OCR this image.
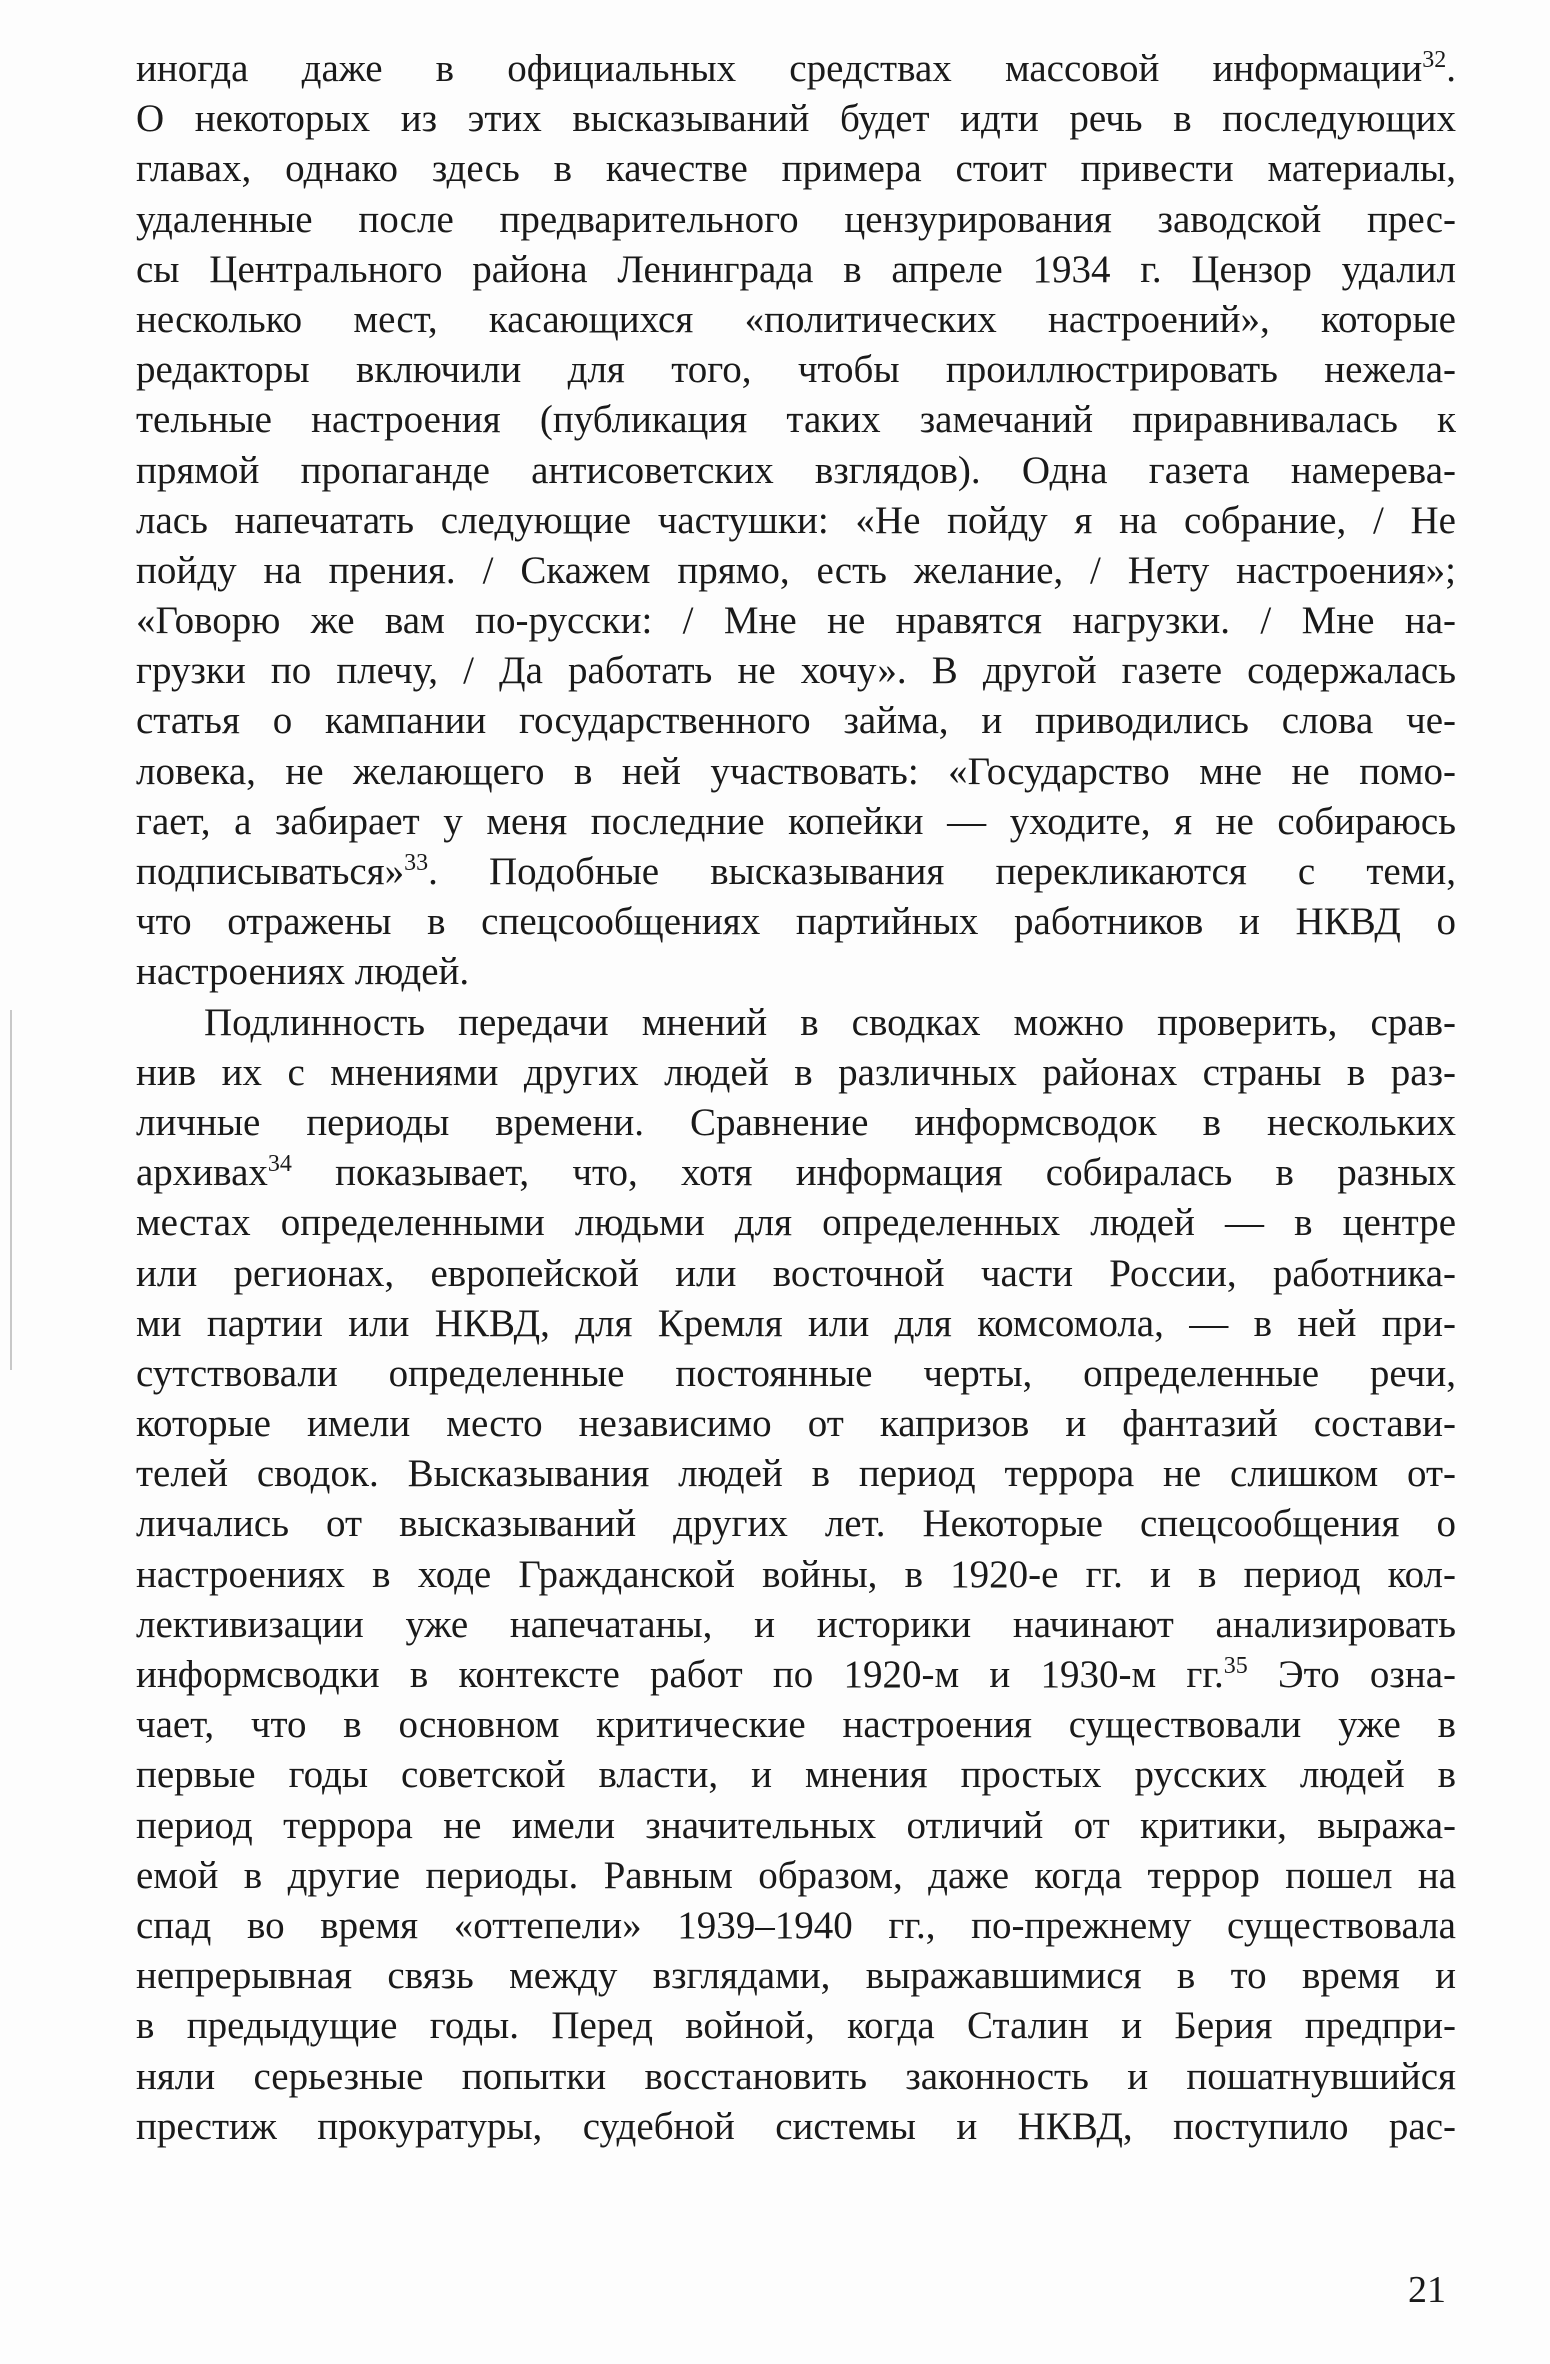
иногда даже в официальных средствах массовой информации$^{32}$.
О некоторых из этих высказываний будет идти речь в последующих
главах, однако здесь в качестве примера стоит привести материалы,
удаленные после предварительного цензурирования заводской прес-
сы Центрального района Ленинграда в апреле 1934 г. Цензор удалил
несколько мест, касающихся «политических настроений», которые
редакторы включили для того, чтобы проиллюстрировать нежела-
тельные настроения (публикация таких замечаний приравнивалась к
прямой пропаганде антисоветских взглядов). Одна газета намерева-
лась напечатать следующие частушки: «Не пойду я на собрание, / Не
пойду на прения. / Скажем прямо, есть желание, / Нету настроения»;
«Говорю же вам по-русски: / Мне не нравятся нагрузки. / Мне на-
грузки по плечу, / Да работать не хочу». В другой газете содержалась
статья о кампании государственного займа, и приводились слова че-
ловека, не желающего в ней участвовать: «Государство мне не помо-
гает, а забирает у меня последние копейки — уходите, я не собираюсь
подписываться»$^{33}$. Подобные высказывания перекликаются с теми,
что отражены в спецсообщениях партийных работников и НКВД о
настроениях людей.
Подлинность передачи мнений в сводках можно проверить, срав-
нив их с мнениями других людей в различных районах страны в раз-
личные периоды времени. Сравнение информсводок в нескольких
архивах$^{34}$ показывает, что, хотя информация собиралась в разных
местах определенными людьми для определенных людей — в центре
или регионах, европейской или восточной части России, работника-
ми партии или НКВД, для Кремля или для комсомола, — в ней при-
сутствовали определенные постоянные черты, определенные речи,
которые имели место независимо от капризов и фантазий состави-
телей сводок. Высказывания людей в период террора не слишком от-
личались от высказываний других лет. Некоторые спецсообщения о
настроениях в ходе Гражданской войны, в 1920-е гг. и в период кол-
лективизации уже напечатаны, и историки начинают анализировать
информсводки в контексте работ по 1920-м и 1930-м гг.$^{35}$ Это озна-
чает, что в основном критические настроения существовали уже в
первые годы советской власти, и мнения простых русских людей в
период террора не имели значительных отличий от критики, выража-
емой в другие периоды. Равным образом, даже когда террор пошел на
спад во время «оттепели» 1939–1940 гг., по-прежнему существовала
непрерывная связь между взглядами, выражавшимися в то время и
в предыдущие годы. Перед войной, когда Сталин и Берия предпри-
няли серьезные попытки восстановить законность и пошатнувшийся
престиж прокуратуры, судебной системы и НКВД, поступило рас-
21
